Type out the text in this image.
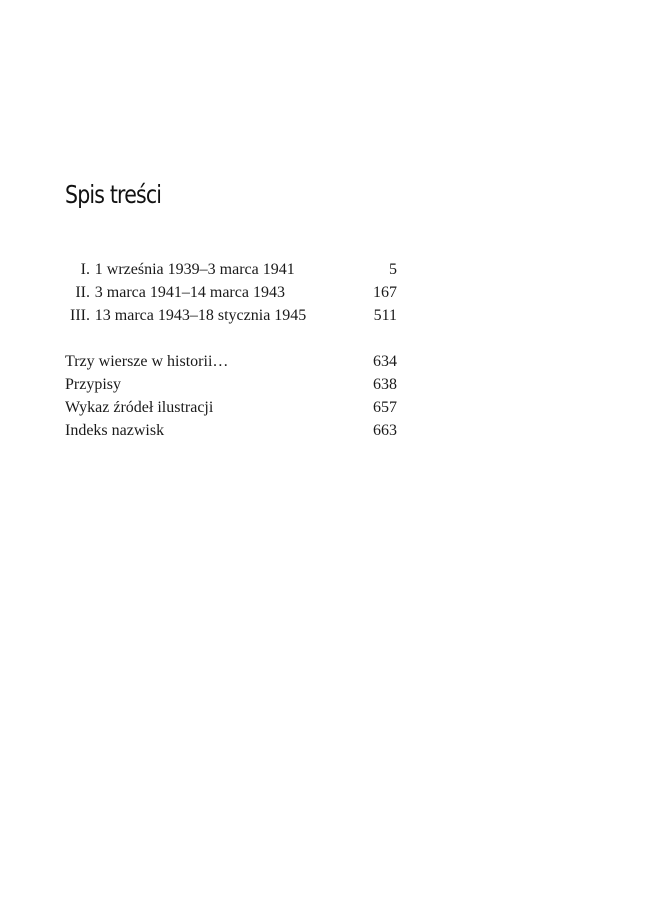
Spis treści
I. 1 września 1939–3 marca 1941	5
II. 3 marca 1941–14 marca 1943	167
III. 13 marca 1943–18 stycznia 1945	511
Trzy wiersze w historii…	634
Przypisy	638
Wykaz źródeł ilustracji	657
Indeks nazwisk	663
